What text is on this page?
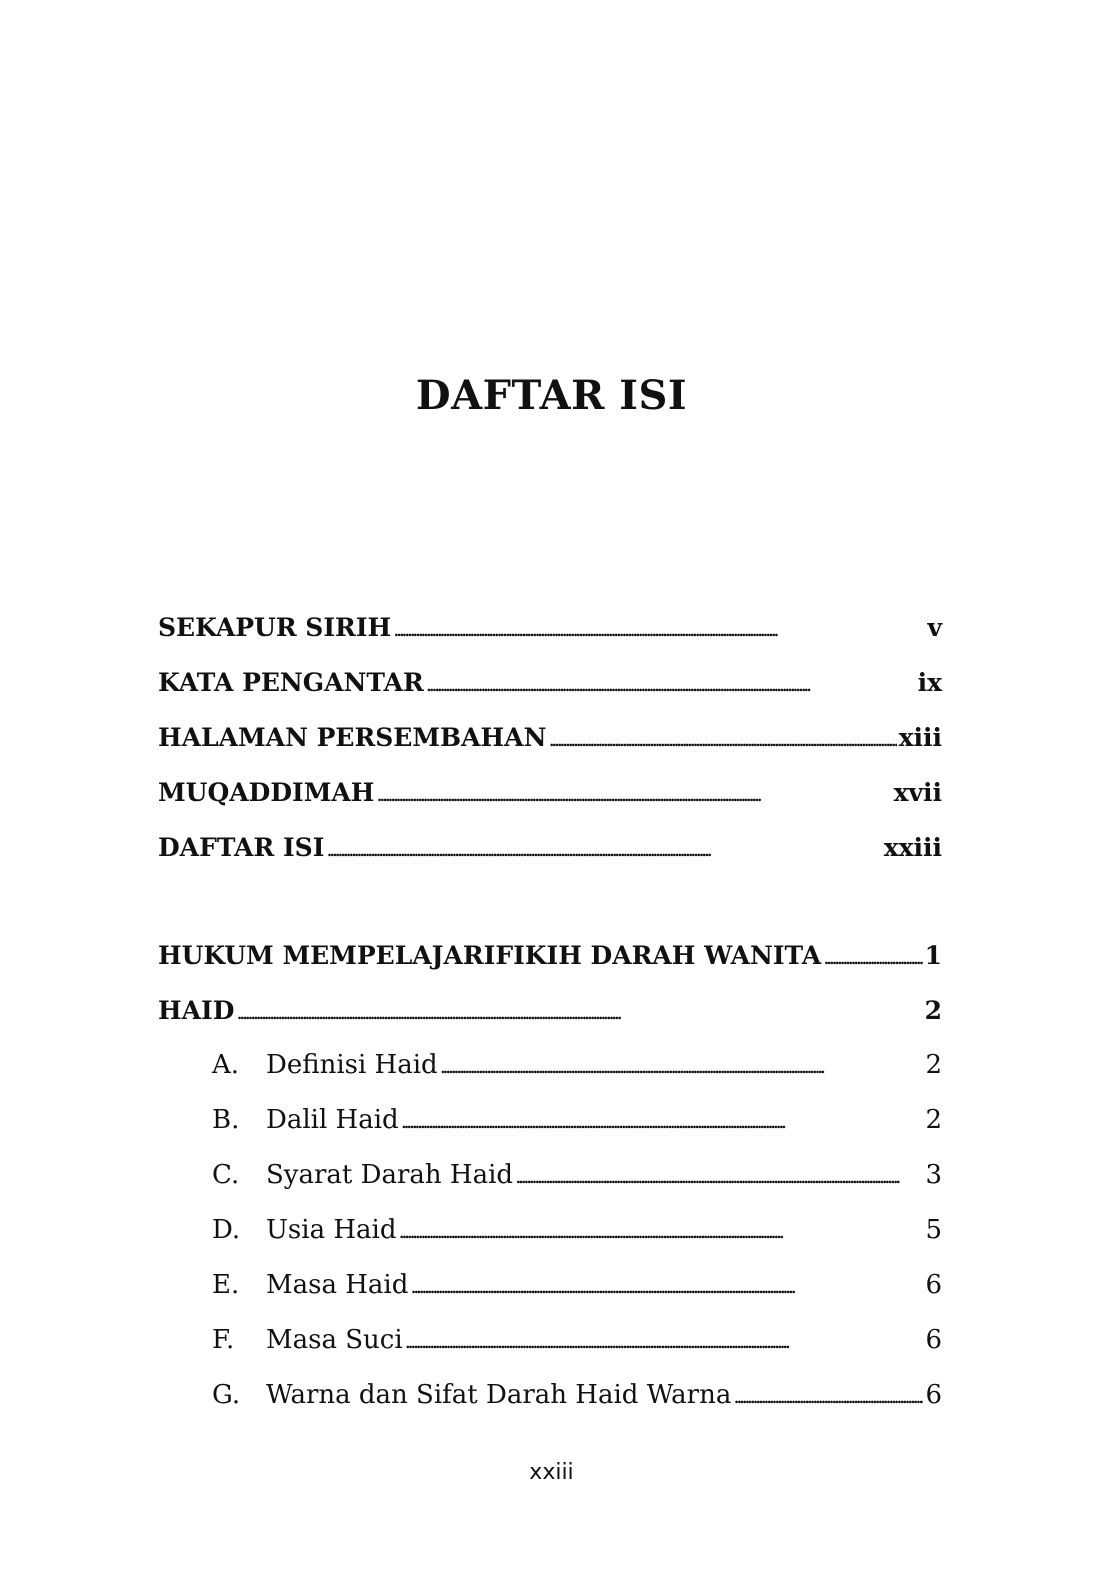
DAFTAR ISI
SEKAPUR SIRIH . . .	v
KATA PENGANTAR . . .	ix
HALAMAN PERSEMBAHAN . . .	xiii
MUQADDIMAH . . .	xvii
DAFTAR ISI . . .	xxiii
HUKUM MEMPELAJARIFIKIH DARAH WANITA . . .	1
HAID . . .	2
A.	Definisi Haid . . .	2
B.	Dalil Haid . . .	2
C.	Syarat Darah Haid . . .	3
D. Usia Haid . . .	5
E.	Masa Haid . . .	6
F.	Masa Suci . . .	6
G. Warna dan Sifat Darah Haid Warna . . .	6
xxiii
